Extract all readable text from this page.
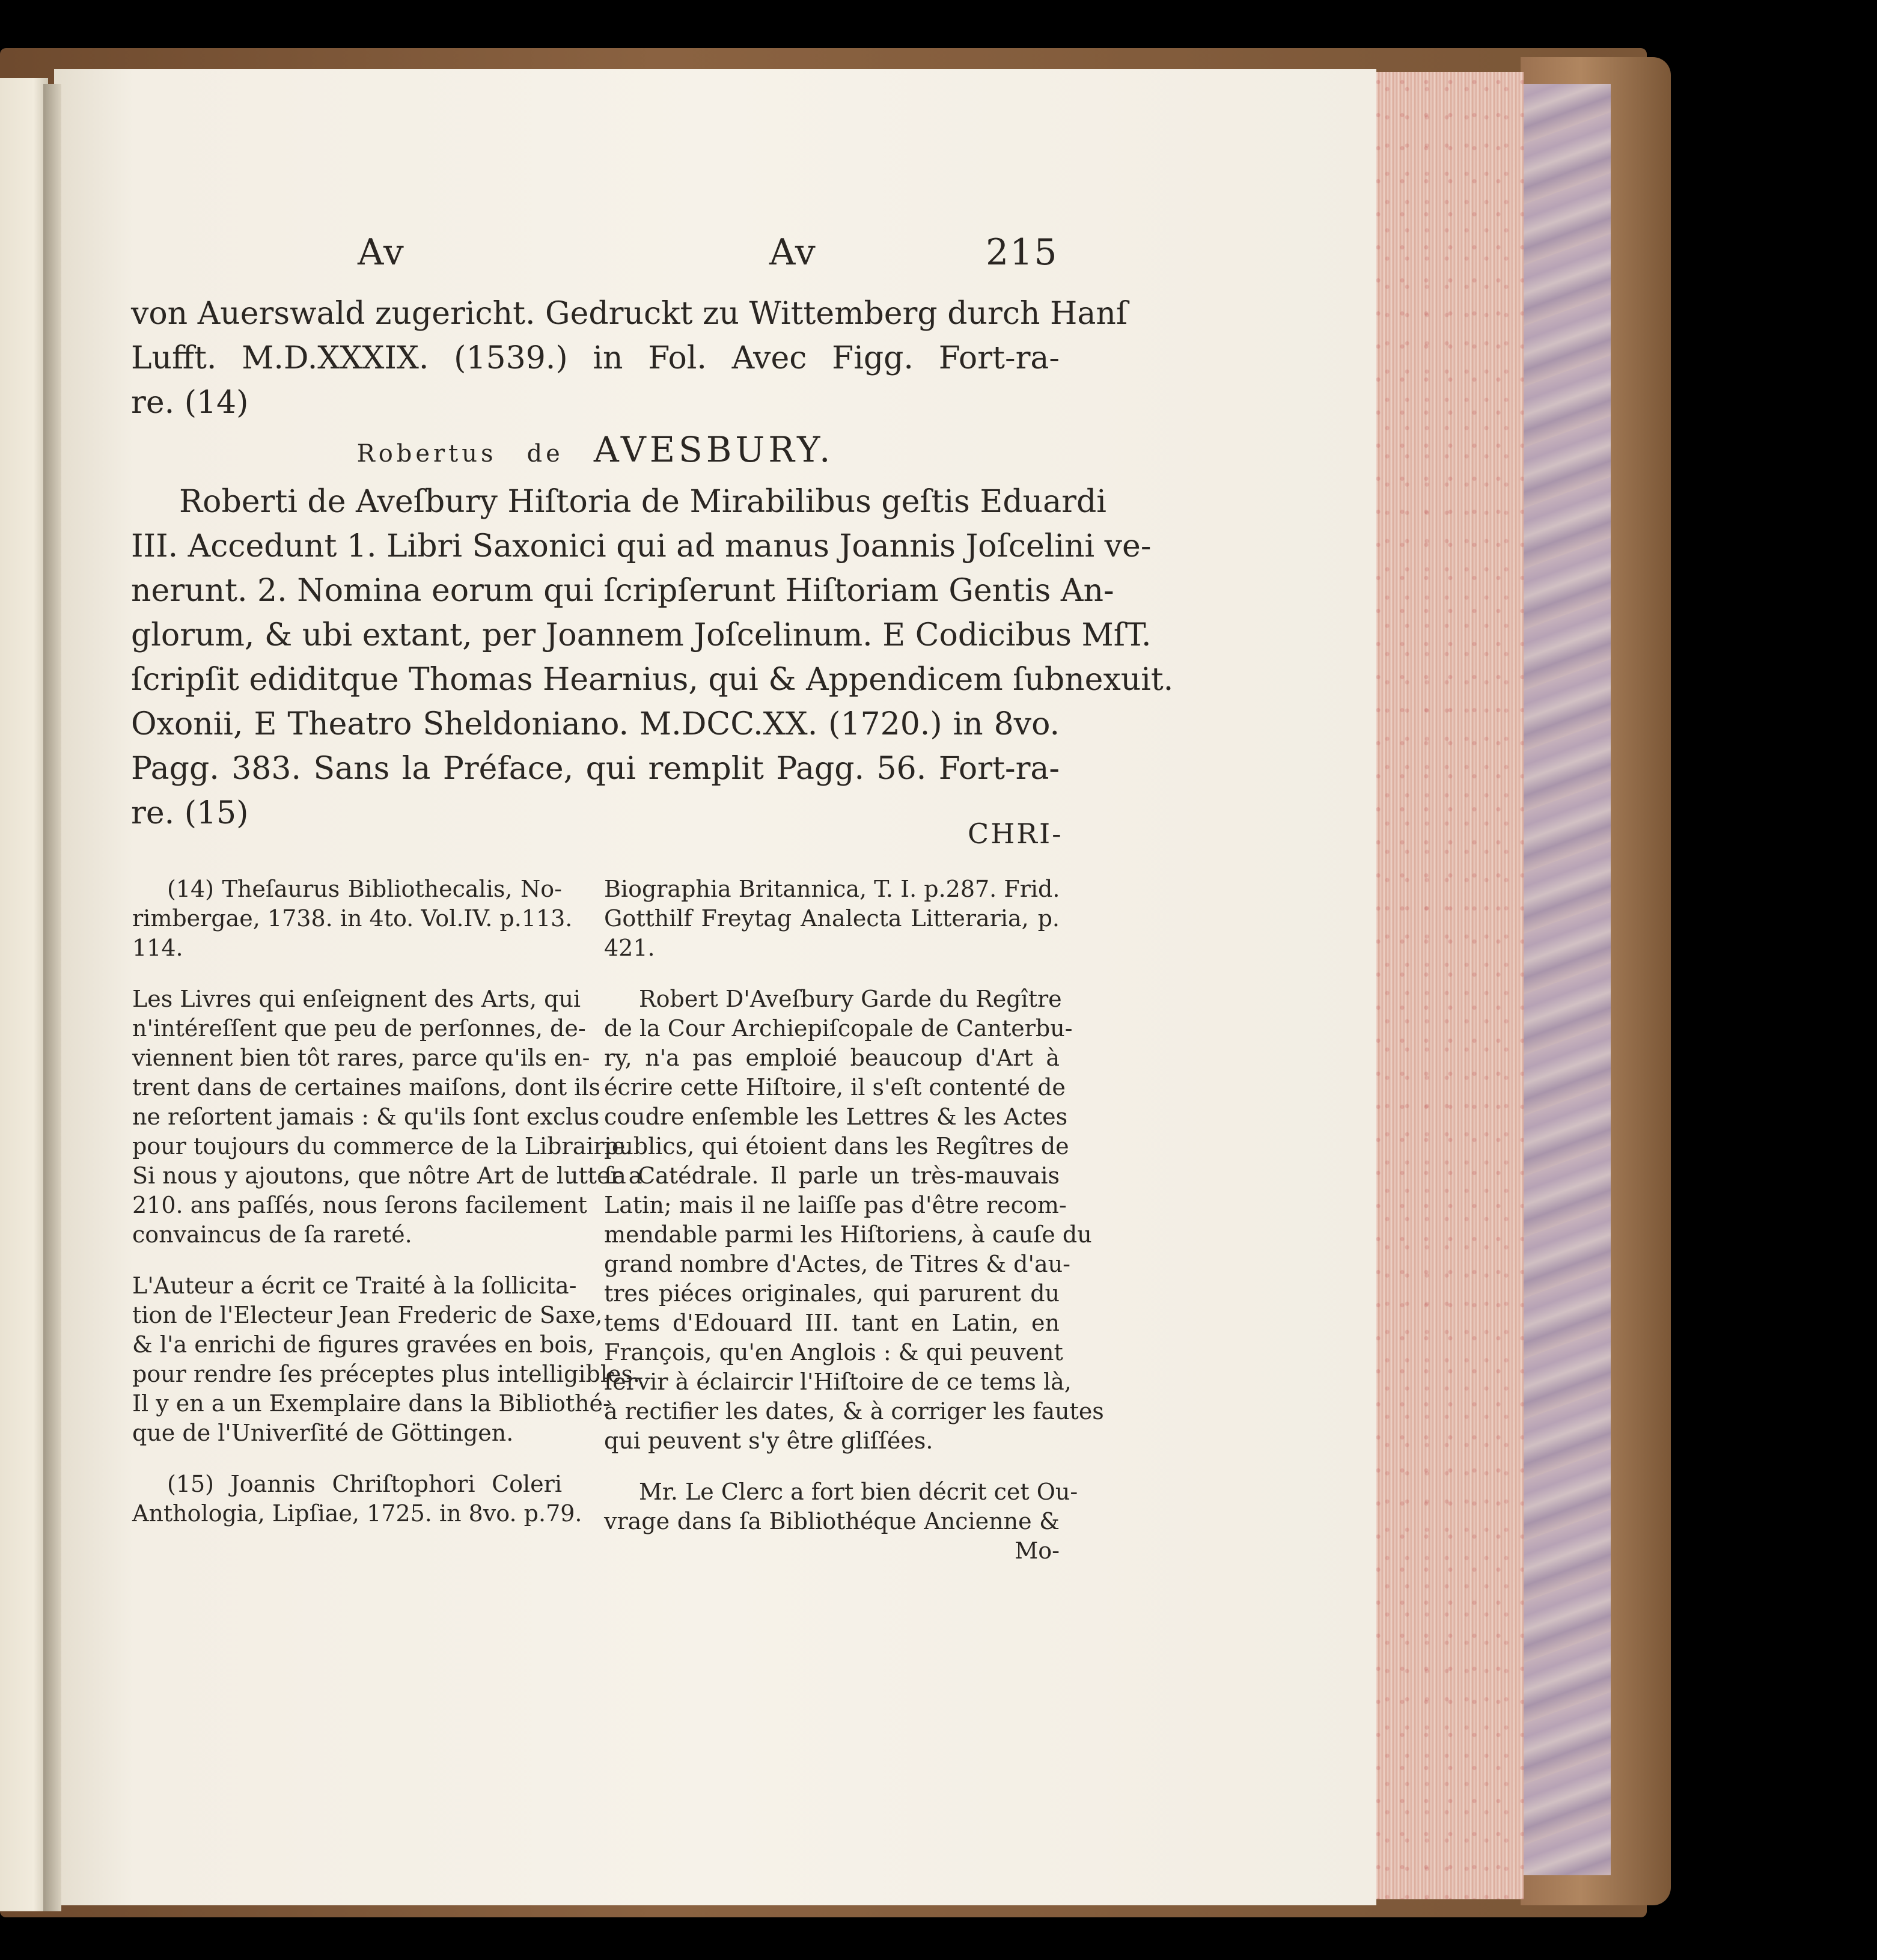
Av	Av	215
von Auerswald zugericht. Gedruckt zu Wittemberg durch Hanſ
Lufft. M.D.XXXIX. (1539.) in Fol. Avec Figg. Fort-ra-
re. (14)
Robertus de AVESBURY.
Roberti de Aveſbury Hiſtoria de Mirabilibus geſtis Eduardi
III. Accedunt 1. Libri Saxonici qui ad manus Joannis Joſcelini ve-
nerunt. 2. Nomina eorum qui ſcripſerunt Hiſtoriam Gentis An-
glorum, & ubi extant, per Joannem Joſcelinum. E Codicibus MſT.
ſcripſit ediditque Thomas Hearnius, qui & Appendicem ſubnexuit.
Oxonii, E Theatro Sheldoniano. M.DCC.XX. (1720.) in 8vo.
Pagg. 383. Sans la Préface, qui remplit Pagg. 56. Fort-ra-
re. (15)
CHRI-

(14) Theſaurus Bibliothecalis, No-
rimbergae, 1738. in 4to. Vol.IV. p.113.
114.

Les Livres qui enſeignent des Arts, qui
n'intéreſſent que peu de perſonnes, de-
viennent bien tôt rares, parce qu'ils en-
trent dans de certaines maiſons, dont ils
ne reſortent jamais : & qu'ils ſont exclus
pour toujours du commerce de la Librairie.
Si nous y ajoutons, que nôtre Art de lutter a
210. ans paſſés, nous ſerons facilement
convaincus de ſa rareté.

L'Auteur a écrit ce Traité à la ſollicita-
tion de l'Electeur Jean Frederic de Saxe,
& l'a enrichi de figures gravées en bois,
pour rendre ſes préceptes plus intelligibles.
Il y en a un Exemplaire dans la Bibliothé-
que de l'Univerſité de Göttingen.

(15) Joannis Chriſtophori Coleri
Anthologia, Lipſiae, 1725. in 8vo. p.79.

Biographia Britannica, T. I. p.287. Frid.
Gotthilf Freytag Analecta Litteraria, p.
421.

Robert D'Aveſbury Garde du Regître
de la Cour Archiepiſcopale de Canterbu-
ry, n'a pas emploié beaucoup d'Art à
écrire cette Hiſtoire, il s'eſt contenté de
coudre enſemble les Lettres & les Actes
publics, qui étoient dans les Regîtres de
ſa Catédrale. Il parle un très-mauvais
Latin; mais il ne laiſſe pas d'être recom-
mendable parmi les Hiſtoriens, à cauſe du
grand nombre d'Actes, de Titres & d'au-
tres piéces originales, qui parurent du
tems d'Edouard III. tant en Latin, en
François, qu'en Anglois : & qui peuvent
ſervir à éclaircir l'Hiſtoire de ce tems là,
à rectifier les dates, & à corriger les fautes
qui peuvent s'y être gliſſées.

Mr. Le Clerc a fort bien décrit cet Ou-
vrage dans ſa Bibliothéque Ancienne &
Mo-
